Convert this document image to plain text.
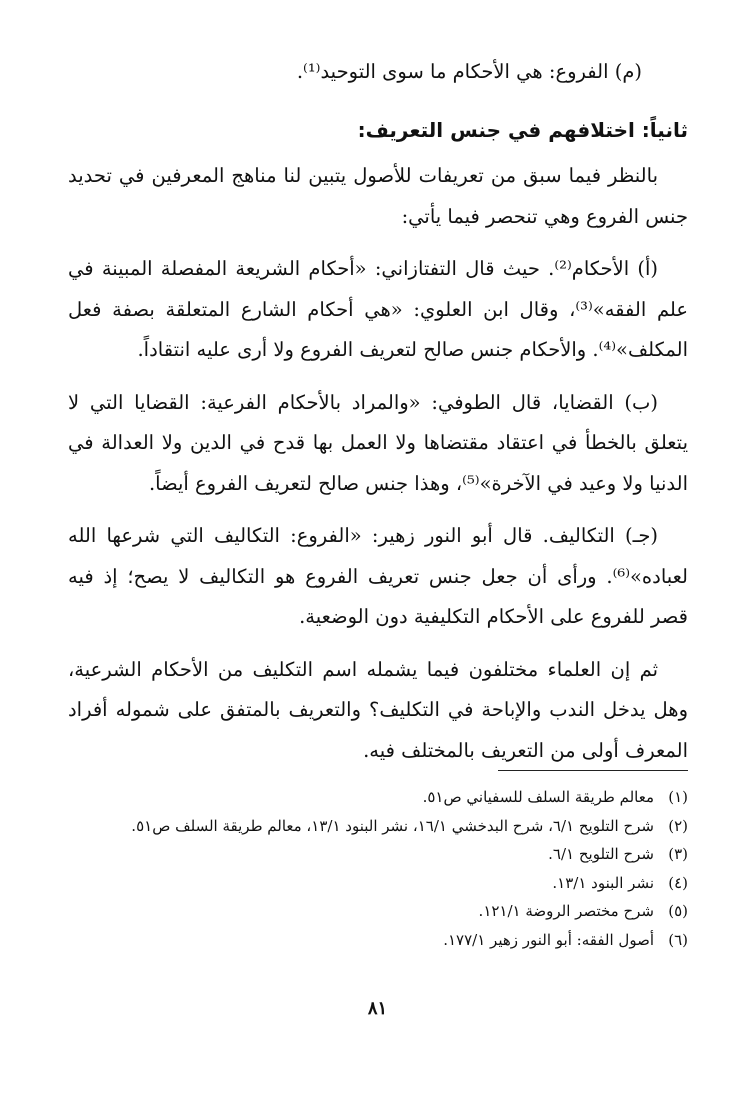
(م) الفروع: هي الأحكام ما سوى التوحيد⁽¹⁾.

ثانياً: اختلافهم في جنس التعريف:

بالنظر فيما سبق من تعريفات للأصول يتبين لنا مناهج المعرفين في تحديد جنس الفروع وهي تنحصر فيما يأتي:

(أ) الأحكام⁽²⁾. حيث قال التفتازاني: «أحكام الشريعة المفصلة المبينة في علم الفقه»⁽³⁾، وقال ابن العلوي: «هي أحكام الشارع المتعلقة بصفة فعل المكلف»⁽⁴⁾. والأحكام جنس صالح لتعريف الفروع ولا أرى عليه انتقاداً.

(ب) القضايا، قال الطوفي: «والمراد بالأحكام الفرعية: القضايا التي لا يتعلق بالخطأ في اعتقاد مقتضاها ولا العمل بها قدح في الدين ولا العدالة في الدنيا ولا وعيد في الآخرة»⁽⁵⁾، وهذا جنس صالح لتعريف الفروع أيضاً.

(جـ) التكاليف. قال أبو النور زهير: «الفروع: التكاليف التي شرعها الله لعباده»⁽⁶⁾. ورأى أن جعل جنس تعريف الفروع هو التكاليف لا يصح؛ إذ فيه قصر للفروع على الأحكام التكليفية دون الوضعية.

ثم إن العلماء مختلفون فيما يشمله اسم التكليف من الأحكام الشرعية، وهل يدخل الندب والإباحة في التكليف؟ والتعريف بالمتفق على شموله أفراد المعرف أولى من التعريف بالمختلف فيه.

(١)
معالم طريقة السلف للسفياني ص٥١.
(٢)
شرح التلويح ٦/١، شرح البدخشي ١٦/١، نشر البنود ١٣/١، معالم طريقة السلف ص٥١.
(٣)
شرح التلويح ٦/١.
(٤)
نشر البنود ١٣/١.
(٥)
شرح مختصر الروضة ١٢١/١.
(٦)
أصول الفقه: أبو النور زهير ١٧٧/١.
٨١
